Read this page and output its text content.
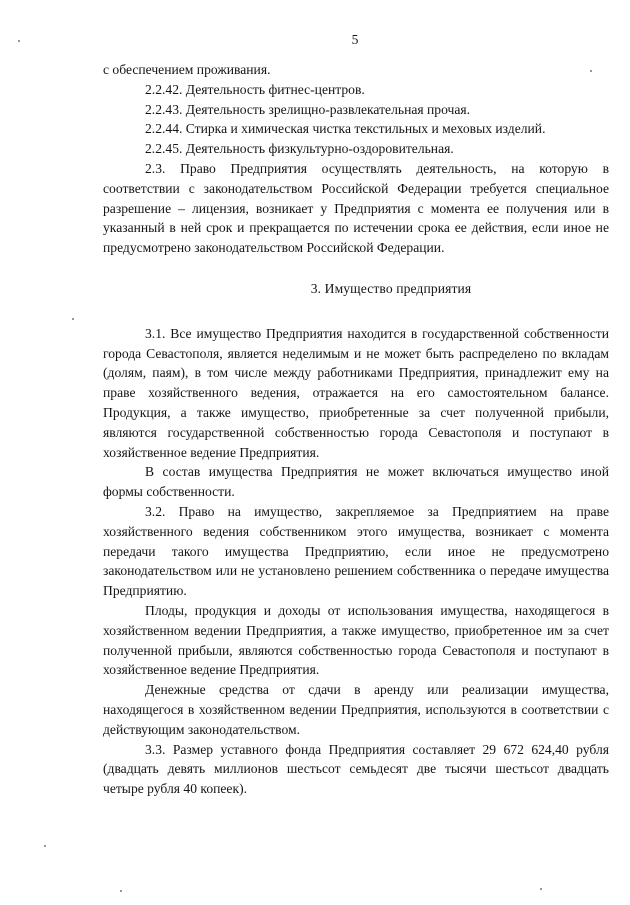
5

с обеспечением проживания.

2.2.42. Деятельность фитнес-центров.

2.2.43. Деятельность зрелищно-развлекательная прочая.

2.2.44. Стирка и химическая чистка текстильных и меховых изделий.

2.2.45. Деятельность физкультурно-оздоровительная.

2.3. Право Предприятия осуществлять деятельность, на которую в соответствии с законодательством Российской Федерации требуется специальное разрешение – лицензия, возникает у Предприятия с момента ее получения или в указанный в ней срок и прекращается по истечении срока ее действия, если иное не предусмотрено законодательством Российской Федерации.

3. Имущество предприятия

3.1. Все имущество Предприятия находится в государственной собственности города Севастополя, является неделимым и не может быть распределено по вкладам (долям, паям), в том числе между работниками Предприятия, принадлежит ему на праве хозяйственного ведения, отражается на его самостоятельном балансе. Продукция, а также имущество, приобретенные за счет полученной прибыли, являются государственной собственностью города Севастополя и поступают в хозяйственное ведение Предприятия.

В состав имущества Предприятия не может включаться имущество иной формы собственности.

3.2. Право на имущество, закрепляемое за Предприятием на праве хозяйственного ведения собственником этого имущества, возникает с момента передачи такого имущества Предприятию, если иное не предусмотрено законодательством или не установлено решением собственника о передаче имущества Предприятию.

Плоды, продукция и доходы от использования имущества, находящегося в хозяйственном ведении Предприятия, а также имущество, приобретенное им за счет полученной прибыли, являются собственностью города Севастополя и поступают в хозяйственное ведение Предприятия.

Денежные средства от сдачи в аренду или реализации имущества, находящегося в хозяйственном ведении Предприятия, используются в соответствии с действующим законодательством.

3.3. Размер уставного фонда Предприятия составляет 29 672 624,40 рубля (двадцать девять миллионов шестьсот семьдесят две тысячи шестьсот двадцать четыре рубля 40 копеек).
